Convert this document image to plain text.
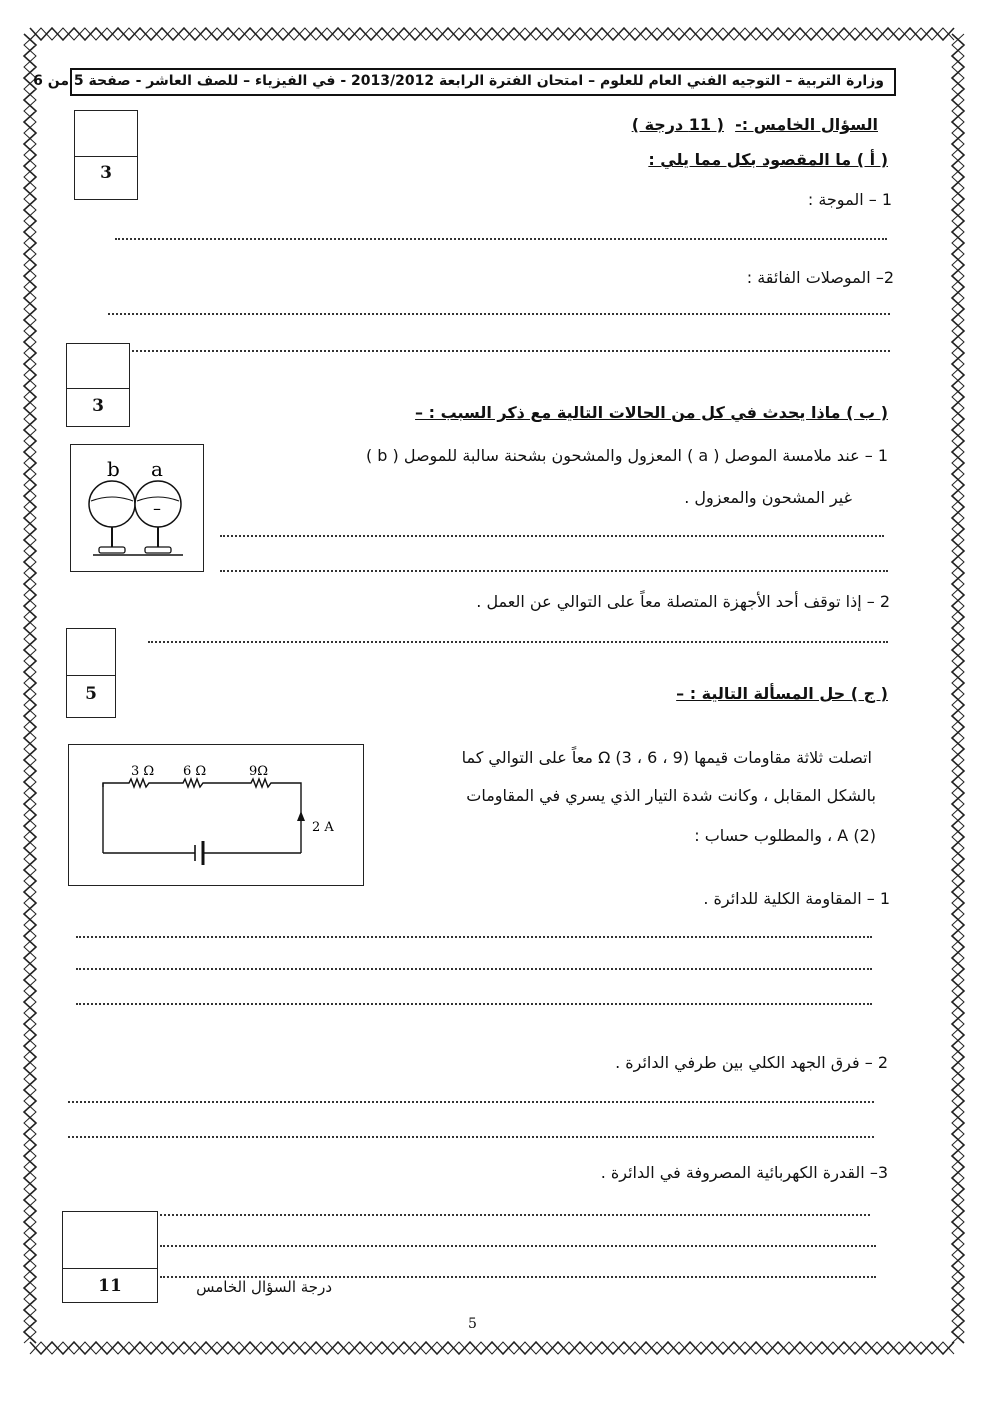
وزارة التربية – التوجيه الفني العام للعلوم – امتحان الفترة الرابعة 2013/2012 - في الفيزياء – للصف العاشر - صفحة 5 من 6
3
السؤال الخامس :-  ( 11 درجة )
( أ ) ما المقصود بكل مما يلي :
1 – الموجة :
2– الموصلات الفائقة :
3	( ب ) ماذا يحدث في كل من الحالات التالية مع ذكر السبب : –
b a
–
1 – عند ملامسة الموصل ( a ) المعزول والمشحون بشحنة سالبة للموصل ( b )
غير المشحون والمعزول .
2 – إذا توقف أحد الأجهزة المتصلة معاً على التوالي عن العمل .
5	( ج ) حل المسألة التالية : –
3 Ω 6 Ω	9Ω
2 A
اتصلت ثلاثة مقاومات قيمها Ω (3 ، 6 ، 9) معاً على التوالي كما
بالشكل المقابل ، وكانت شدة التيار الذي يسري في المقاومات
A (2) ، والمطلوب حساب :
1 – المقاومة الكلية للدائرة .
2 – فرق الجهد الكلي بين طرفي الدائرة .
3– القدرة الكهربائية المصروفة في الدائرة .
11	درجة السؤال الخامس
5
